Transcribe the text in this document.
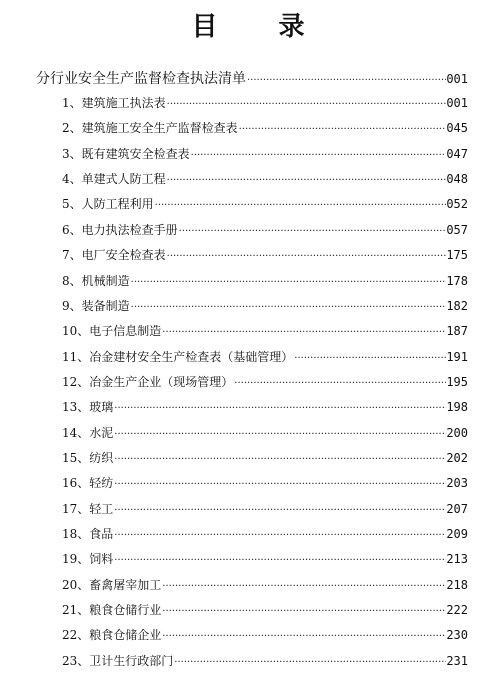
目 录
分行业安全生产监督检查执法清单 ·····	001
1、建筑施工执法表 ·····	001
2、建筑施工安全生产监督检查表 ·····	045
3、既有建筑安全检查表 ·····	047
4、单建式人防工程 ·····	048
5、人防工程利用 ·····	052
6、电力执法检查手册 ·····	057
7、电厂安全检查表 ·····	175
8、机械制造 ·····	178
9、装备制造 ·····	182
10、电子信息制造 ·····	187
11、冶金建材安全生产检查表（基础管理） ·····	191
12、冶金生产企业（现场管理） ·····	195
13、玻璃 ·····	198
14、水泥 ·····	200
15、纺织 ·····	202
16、轻纺 ·····	203
17、轻工 ·····	207
18、食品 ·····	209
19、饲料 ·····	213
20、畜禽屠宰加工 ·····	218
21、粮食仓储行业 ·····	222
22、粮食仓储企业 ·····	230
23、卫计生行政部门 ·····	231
